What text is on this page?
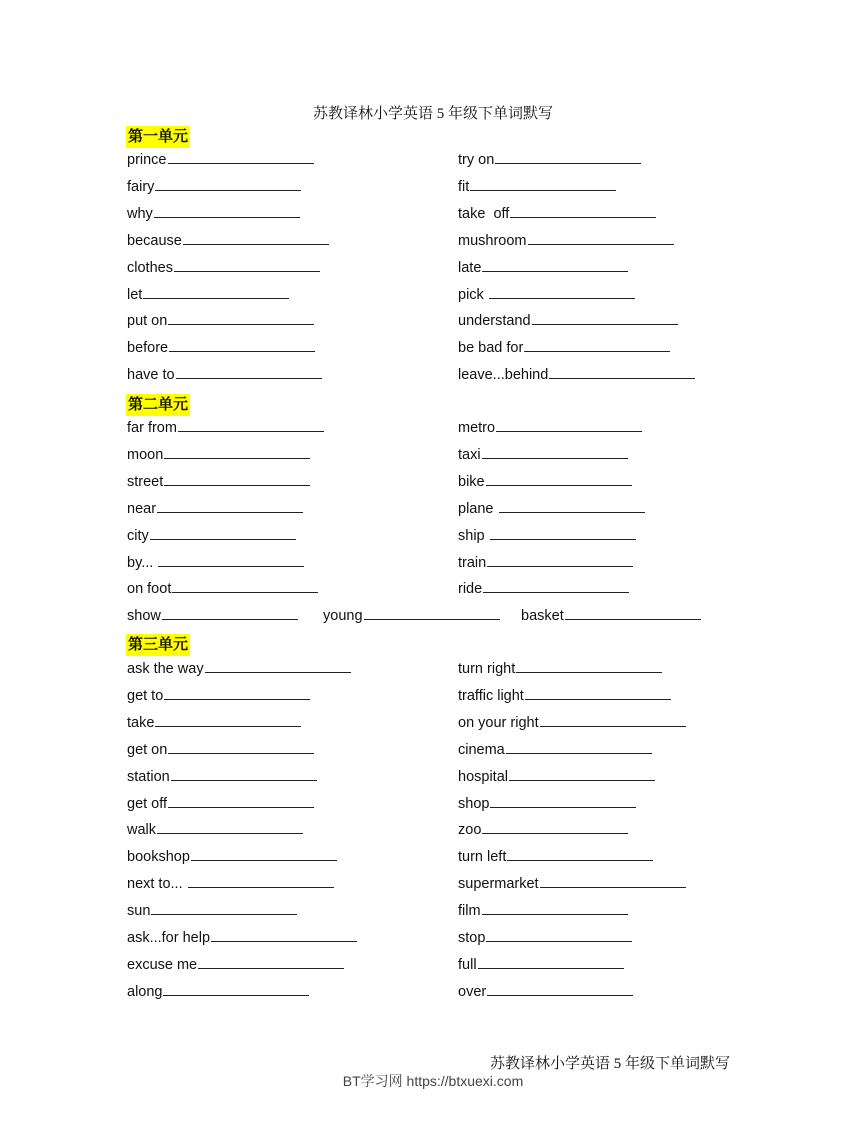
苏教译林小学英语 5 年级下单词默写
第一单元
prince	try on
fairy	fit
why	take  off
because	mushroom
clothes	late
let	pick
put on	understand
before	be bad for
have to	leave...behind
第二单元
far from	metro
moon	taxi
street	bike
near	plane
city	ship
by...	train
on foot	ride
show	young	basket
第三单元
ask the way	turn right
get to	traffic light
take	on your right
get on	cinema
station	hospital
get off	shop
walk	zoo
bookshop	turn left
next to...	supermarket
sun	film
ask...for help	stop
excuse me	full
along	over
苏教译林小学英语 5 年级下单词默写
BT学习网 https://btxuexi.com
